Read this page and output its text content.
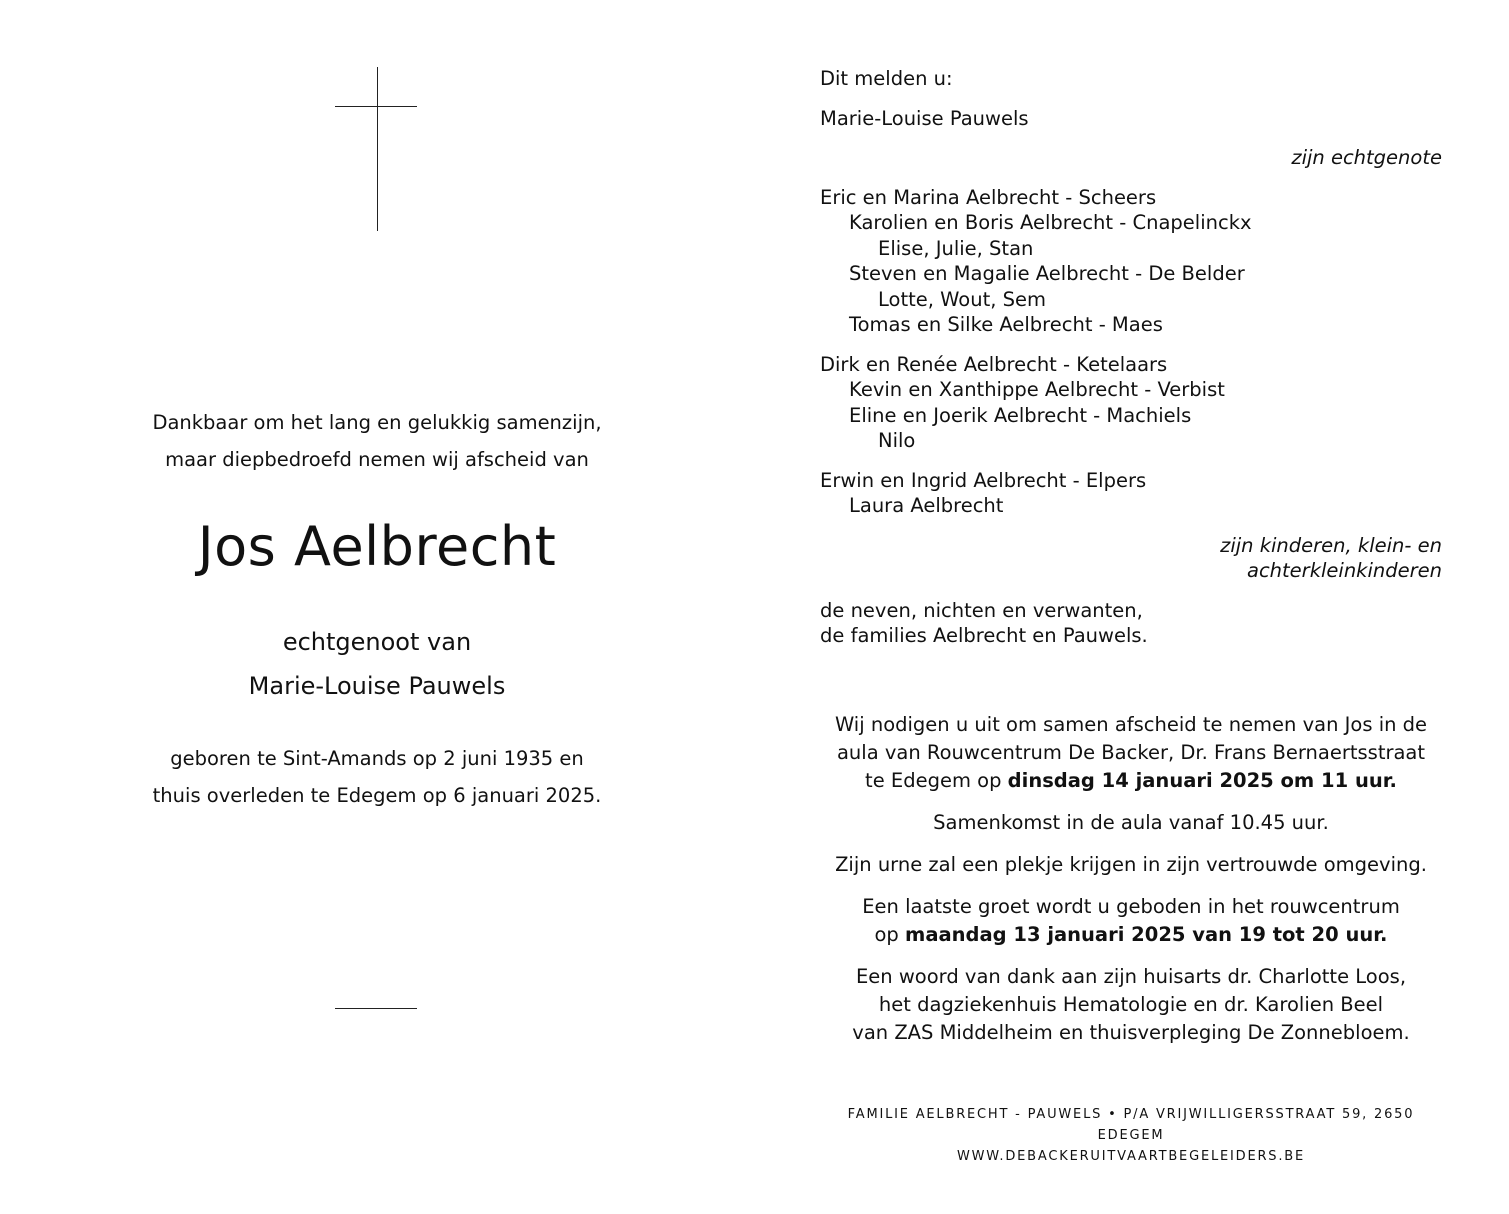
Dankbaar om het lang en gelukkig samenzijn,
maar diepbedroefd nemen wij afscheid van
Jos Aelbrecht
echtgenoot van
Marie-Louise Pauwels
geboren te Sint-Amands op 2 juni 1935 en
thuis overleden te Edegem op 6 januari 2025.
Dit melden u:
Marie-Louise Pauwels
zijn echtgenote
Eric en Marina Aelbrecht - Scheers
Karolien en Boris Aelbrecht - Cnapelinckx
Elise, Julie, Stan
Steven en Magalie Aelbrecht - De Belder
Lotte, Wout, Sem
Tomas en Silke Aelbrecht - Maes
Dirk en Renée Aelbrecht - Ketelaars
Kevin en Xanthippe Aelbrecht - Verbist
Eline en Joerik Aelbrecht - Machiels
Nilo
Erwin en Ingrid Aelbrecht - Elpers
Laura Aelbrecht
zijn kinderen, klein- en
achterkleinkinderen
de neven, nichten en verwanten,
de families Aelbrecht en Pauwels.
Wij nodigen u uit om samen afscheid te nemen van Jos in de
aula van Rouwcentrum De Backer, Dr. Frans Bernaertsstraat
te Edegem op dinsdag 14 januari 2025 om 11 uur.
Samenkomst in de aula vanaf 10.45 uur.
Zijn urne zal een plekje krijgen in zijn vertrouwde omgeving.
Een laatste groet wordt u geboden in het rouwcentrum
op maandag 13 januari 2025 van 19 tot 20 uur.
Een woord van dank aan zijn huisarts dr. Charlotte Loos,
het dagziekenhuis Hematologie en dr. Karolien Beel
van ZAS Middelheim en thuisverpleging De Zonnebloem.
FAMILIE AELBRECHT - PAUWELS • P/A VRIJWILLIGERSSTRAAT 59, 2650 EDEGEM
WWW.DEBACKERUITVAARTBEGELEIDERS.BE
